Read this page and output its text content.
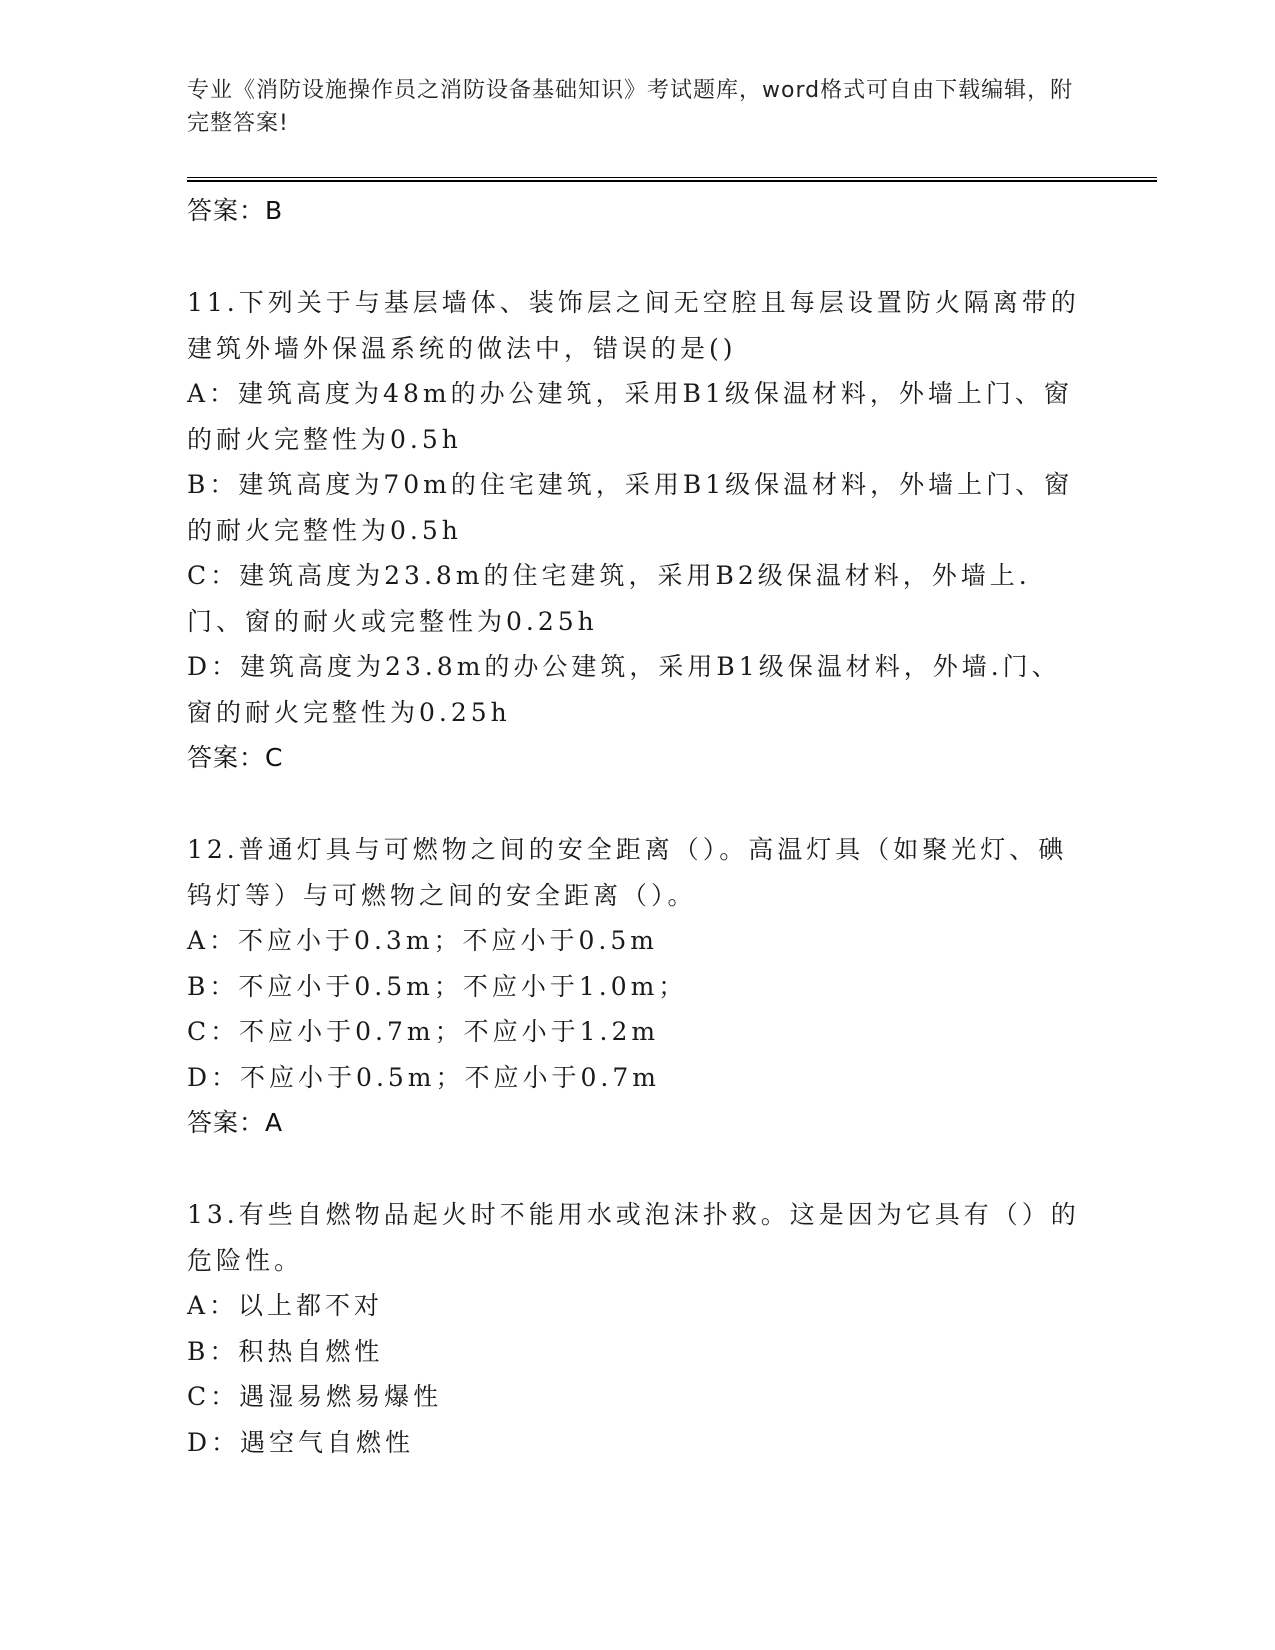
专业《消防设施操作员之消防设备基础知识》考试题库，word格式可自由下载编辑，附完整答案!

答案：B

11.下列关于与基层墙体、装饰层之间无空腔且每层设置防火隔离带的建筑外墙外保温系统的做法中，错误的是()

A：建筑高度为48m的办公建筑，采用B1级保温材料，外墙上门、窗的耐火完整性为0.5h

B：建筑高度为70m的住宅建筑，采用B1级保温材料，外墙上门、窗的耐火完整性为0.5h

C：建筑高度为23.8m的住宅建筑，采用B2级保温材料，外墙上.门、窗的耐火或完整性为0.25h

D：建筑高度为23.8m的办公建筑，采用B1级保温材料，外墙.门、窗的耐火完整性为0.25h

答案：C

12.普通灯具与可燃物之间的安全距离（）。高温灯具（如聚光灯、碘钨灯等）与可燃物之间的安全距离（）。

A：不应小于0.3m；不应小于0.5m

B：不应小于0.5m；不应小于1.0m；

C：不应小于0.7m；不应小于1.2m

D：不应小于0.5m；不应小于0.7m

答案：A

13.有些自燃物品起火时不能用水或泡沫扑救。这是因为它具有（）的危险性。

A：以上都不对

B：积热自燃性

C：遇湿易燃易爆性

D：遇空气自燃性
